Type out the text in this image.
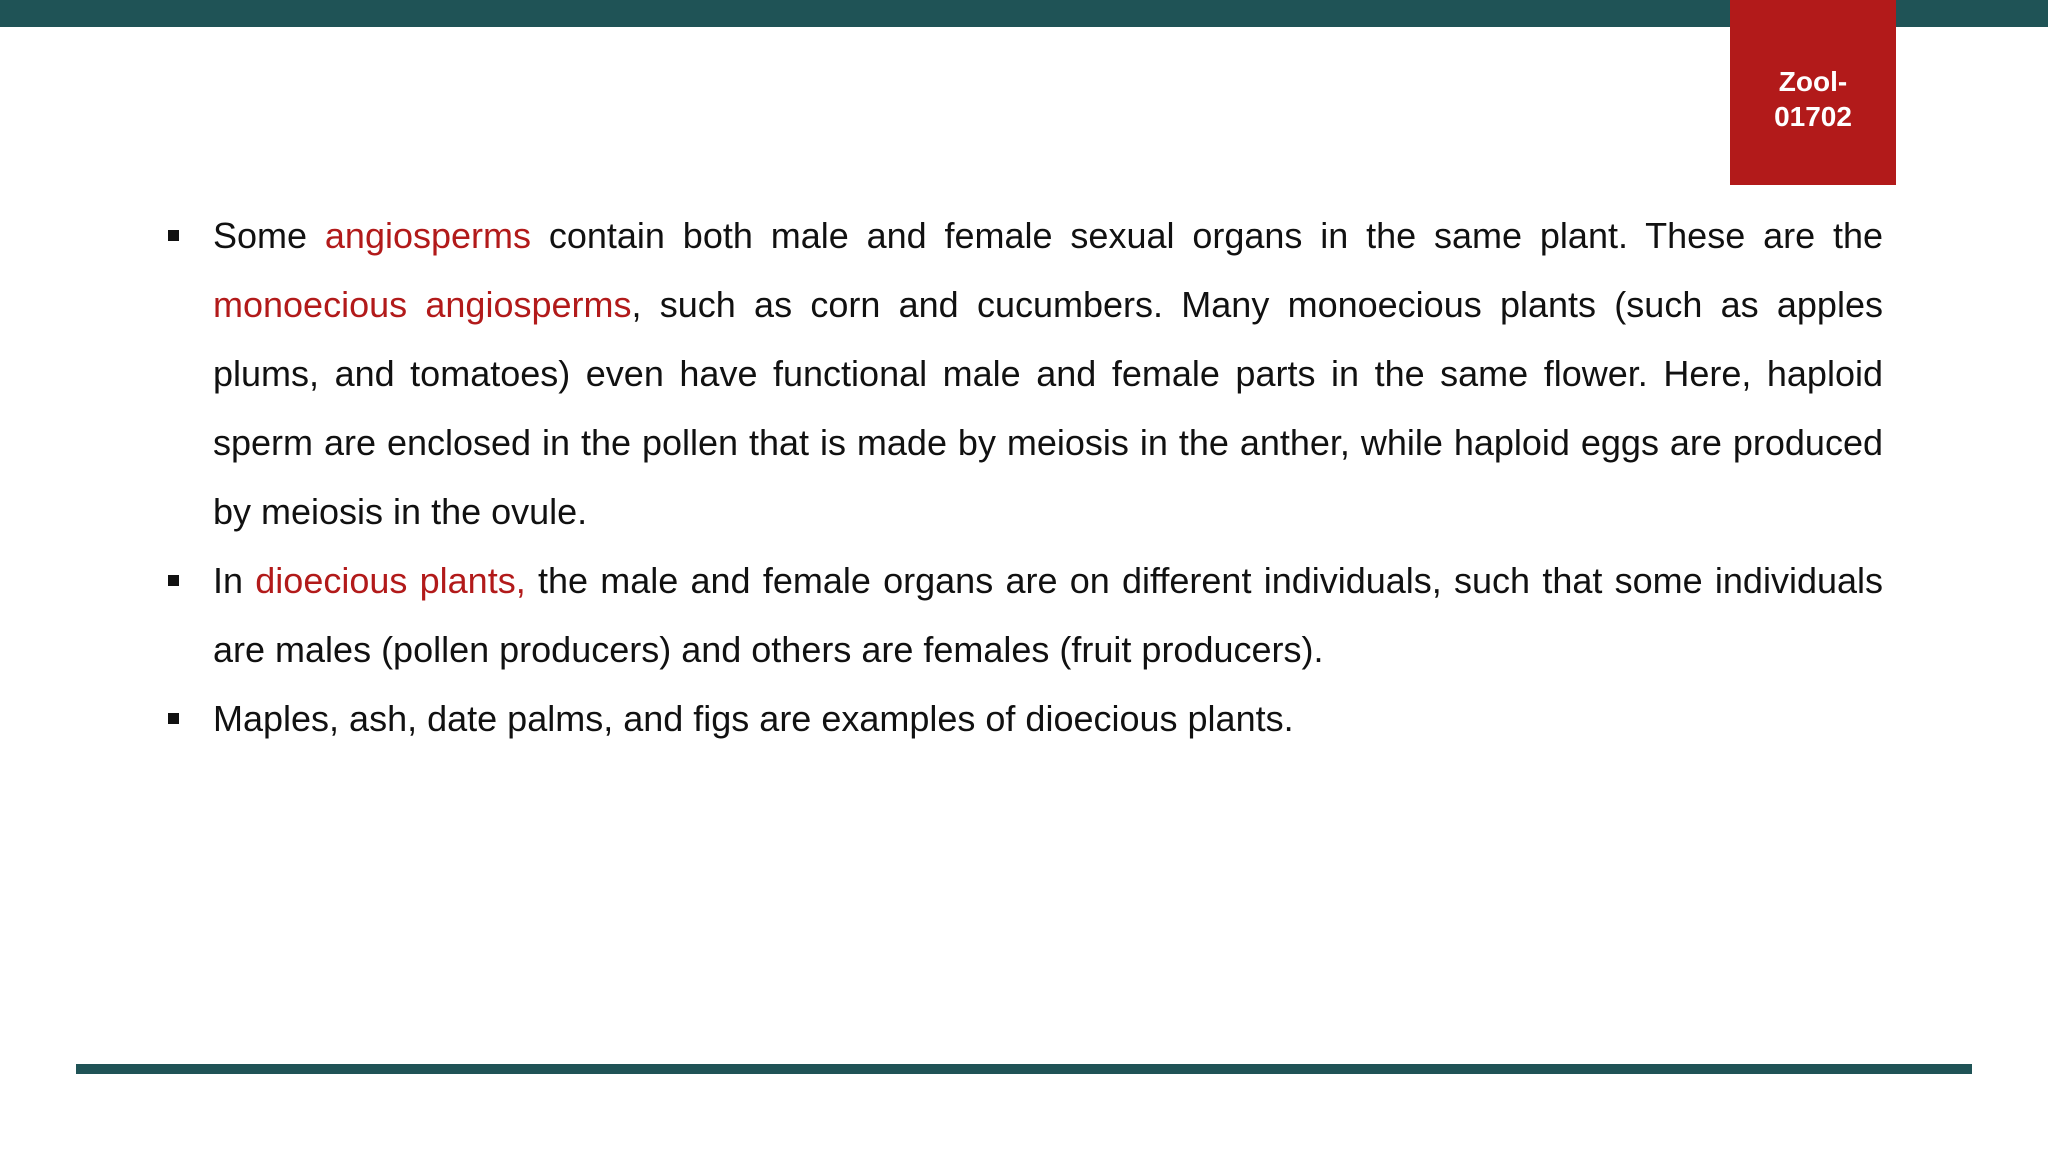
Zool-
01702
Some angiosperms contain both male and female sexual organs in the same plant. These are the monoecious angiosperms, such as corn and cucumbers. Many monoecious plants (such as apples plums, and tomatoes) even have functional male and female parts in the same flower. Here, haploid sperm are enclosed in the pollen that is made by meiosis in the anther, while haploid eggs are produced by meiosis in the ovule.
In dioecious plants, the male and female organs are on different individuals, such that some individuals are males (pollen producers) and others are females (fruit producers).
Maples, ash, date palms, and figs are examples of dioecious plants.
